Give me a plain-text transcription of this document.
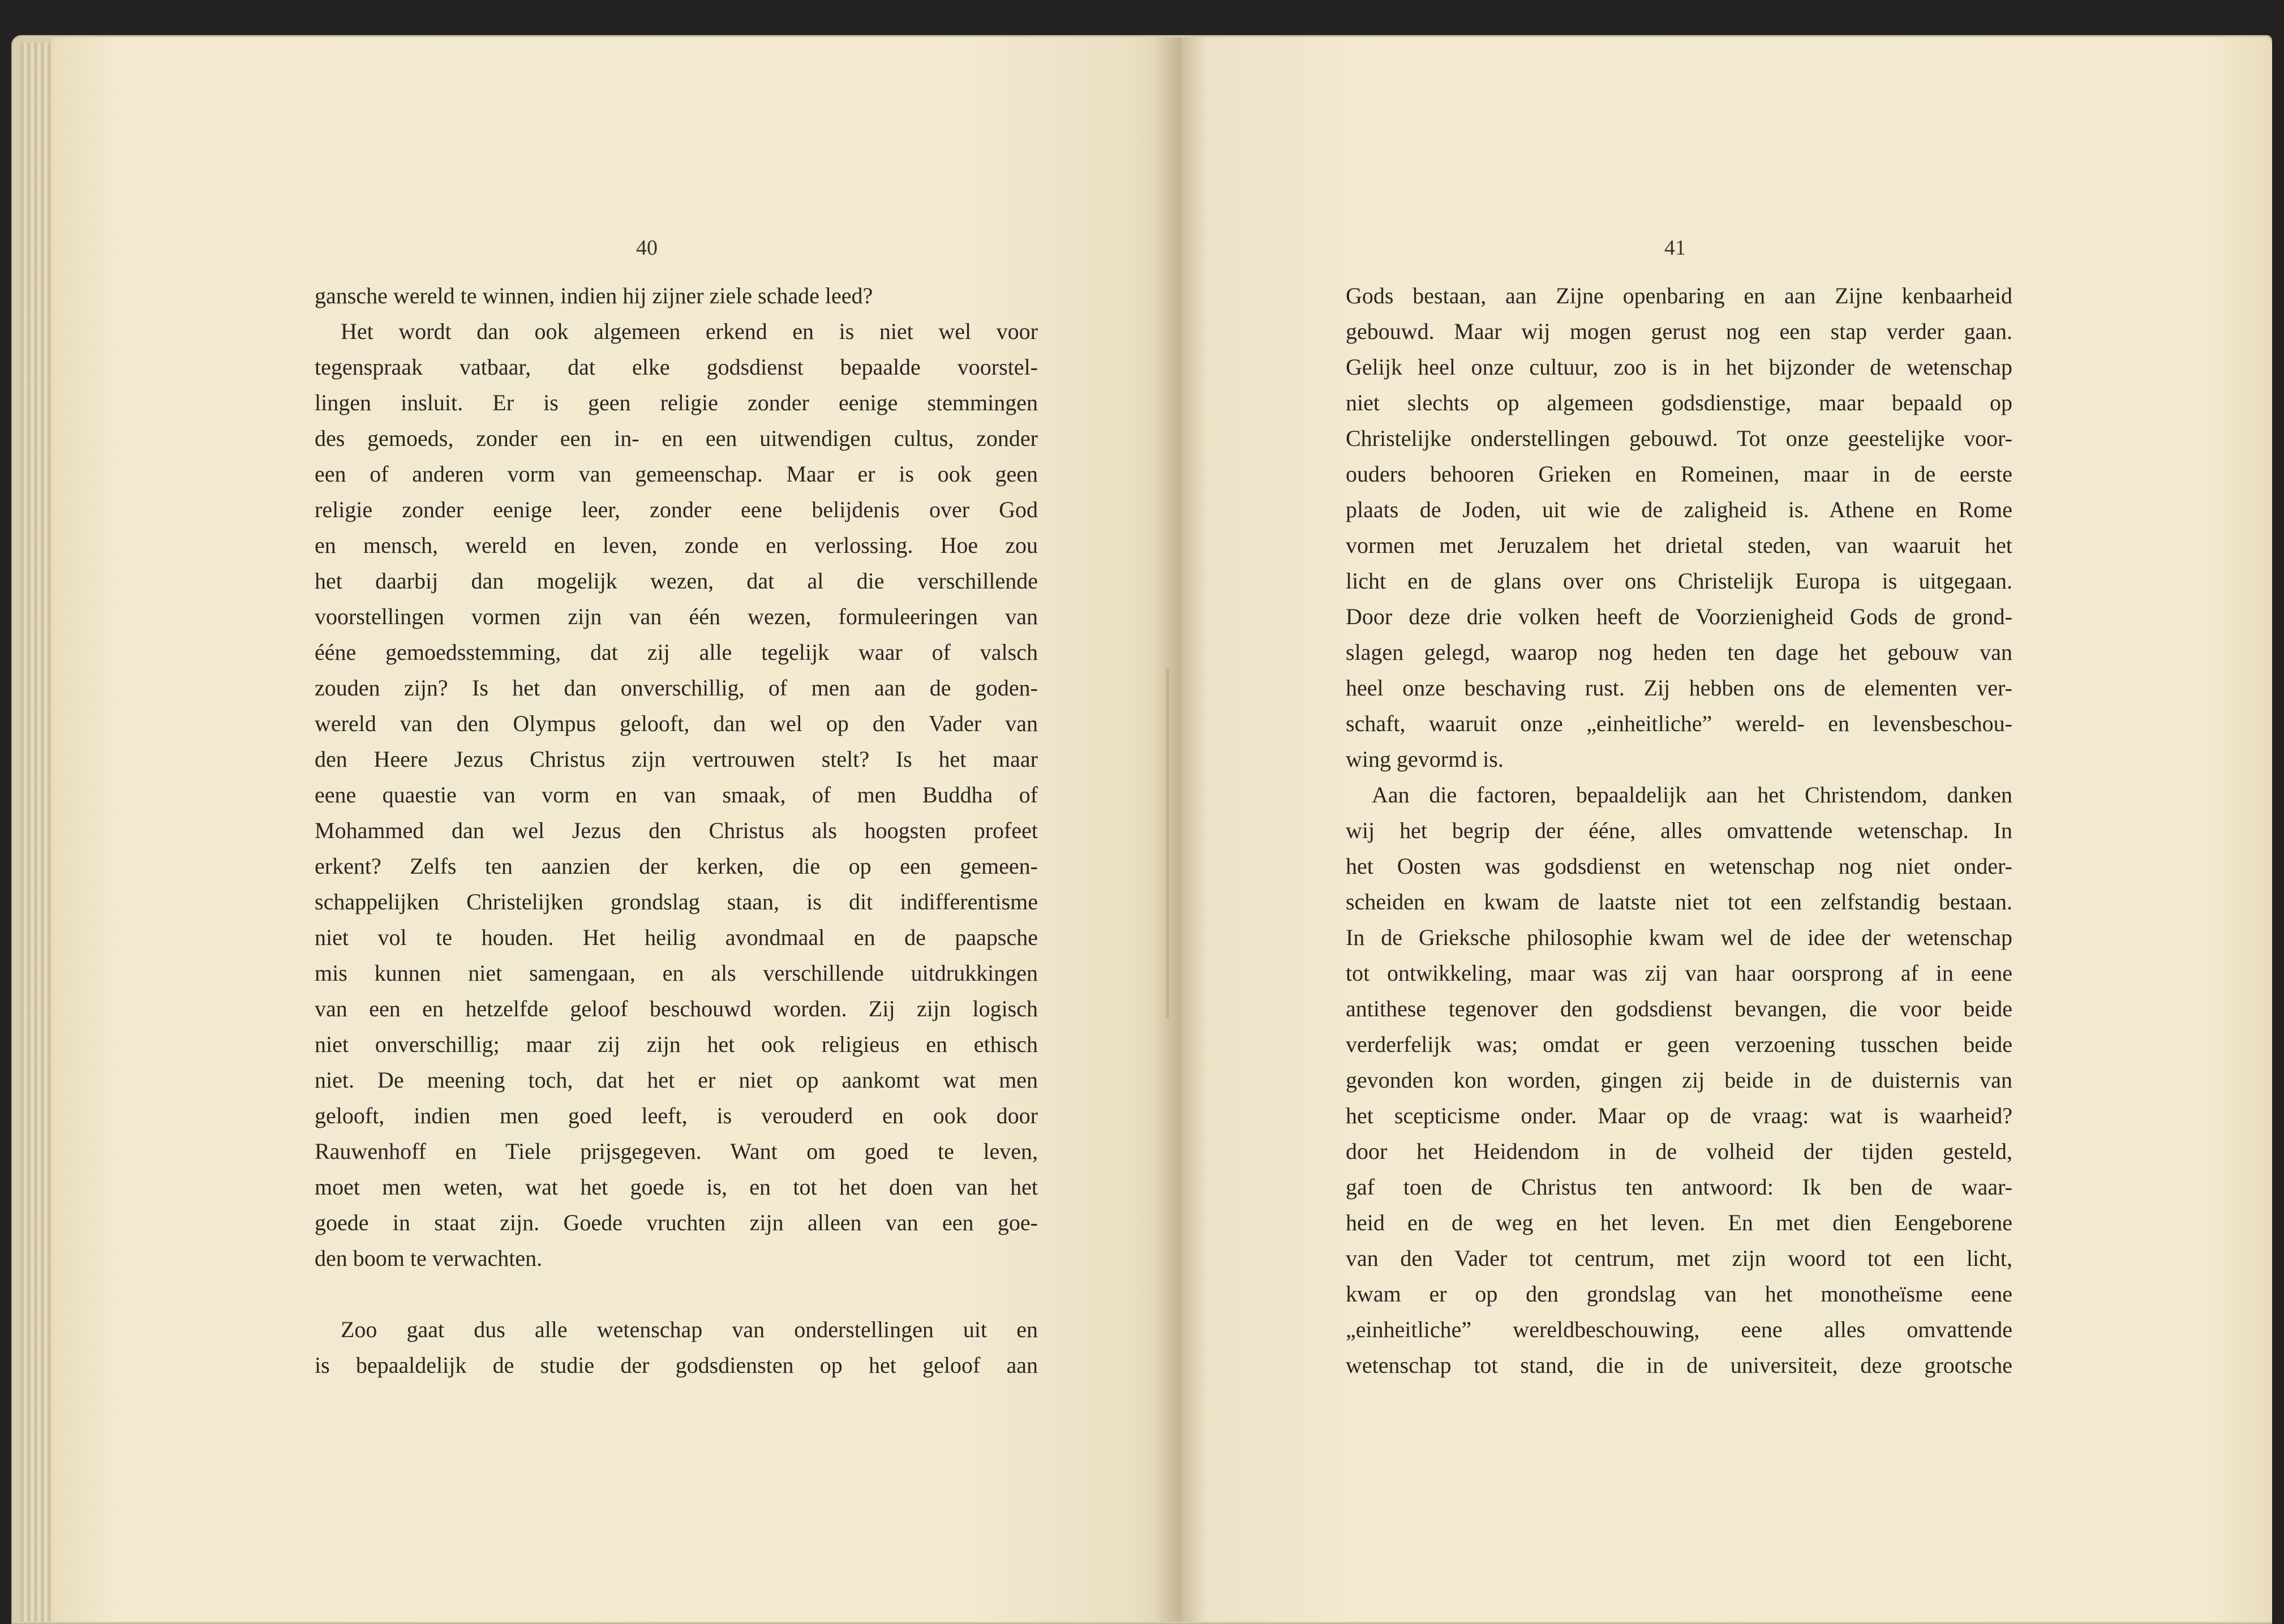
40
gansche wereld te winnen, indien hij zijner ziele schade leed?
Het wordt dan ook algemeen erkend en is niet wel voor
tegenspraak vatbaar, dat elke godsdienst bepaalde voorstel-
lingen insluit. Er is geen religie zonder eenige stemmingen
des gemoeds, zonder een in- en een uitwendigen cultus, zonder
een of anderen vorm van gemeenschap. Maar er is ook geen
religie zonder eenige leer, zonder eene belijdenis over God
en mensch, wereld en leven, zonde en verlossing. Hoe zou
het daarbij dan mogelijk wezen, dat al die verschillende
voorstellingen vormen zijn van één wezen, formuleeringen van
ééne gemoedsstemming, dat zij alle tegelijk waar of valsch
zouden zijn? Is het dan onverschillig, of men aan de goden-
wereld van den Olympus gelooft, dan wel op den Vader van
den Heere Jezus Christus zijn vertrouwen stelt? Is het maar
eene quaestie van vorm en van smaak, of men Buddha of
Mohammed dan wel Jezus den Christus als hoogsten profeet
erkent? Zelfs ten aanzien der kerken, die op een gemeen-
schappelijken Christelijken grondslag staan, is dit indifferentisme
niet vol te houden. Het heilig avondmaal en de paapsche
mis kunnen niet samengaan, en als verschillende uitdrukkingen
van een en hetzelfde geloof beschouwd worden. Zij zijn logisch
niet onverschillig; maar zij zijn het ook religieus en ethisch
niet. De meening toch, dat het er niet op aankomt wat men
gelooft, indien men goed leeft, is verouderd en ook door
Rauwenhoff en Tiele prijsgegeven. Want om goed te leven,
moet men weten, wat het goede is, en tot het doen van het
goede in staat zijn. Goede vruchten zijn alleen van een goe-
den boom te verwachten.
Zoo gaat dus alle wetenschap van onderstellingen uit en
is bepaaldelijk de studie der godsdiensten op het geloof aan
41
Gods bestaan, aan Zijne openbaring en aan Zijne kenbaarheid
gebouwd. Maar wij mogen gerust nog een stap verder gaan.
Gelijk heel onze cultuur, zoo is in het bijzonder de wetenschap
niet slechts op algemeen godsdienstige, maar bepaald op
Christelijke onderstellingen gebouwd. Tot onze geestelijke voor-
ouders behooren Grieken en Romeinen, maar in de eerste
plaats de Joden, uit wie de zaligheid is. Athene en Rome
vormen met Jeruzalem het drietal steden, van waaruit het
licht en de glans over ons Christelijk Europa is uitgegaan.
Door deze drie volken heeft de Voorzienigheid Gods de grond-
slagen gelegd, waarop nog heden ten dage het gebouw van
heel onze beschaving rust. Zij hebben ons de elementen ver-
schaft, waaruit onze „einheitliche” wereld- en levensbeschou-
wing gevormd is.
Aan die factoren, bepaaldelijk aan het Christendom, danken
wij het begrip der ééne, alles omvattende wetenschap. In
het Oosten was godsdienst en wetenschap nog niet onder-
scheiden en kwam de laatste niet tot een zelfstandig bestaan.
In de Grieksche philosophie kwam wel de idee der wetenschap
tot ontwikkeling, maar was zij van haar oorsprong af in eene
antithese tegenover den godsdienst bevangen, die voor beide
verderfelijk was; omdat er geen verzoening tusschen beide
gevonden kon worden, gingen zij beide in de duisternis van
het scepticisme onder. Maar op de vraag: wat is waarheid?
door het Heidendom in de volheid der tijden gesteld,
gaf toen de Christus ten antwoord: Ik ben de waar-
heid en de weg en het leven. En met dien Eengeborene
van den Vader tot centrum, met zijn woord tot een licht,
kwam er op den grondslag van het monotheïsme eene
„einheitliche” wereldbeschouwing, eene alles omvattende
wetenschap tot stand, die in de universiteit, deze grootsche
